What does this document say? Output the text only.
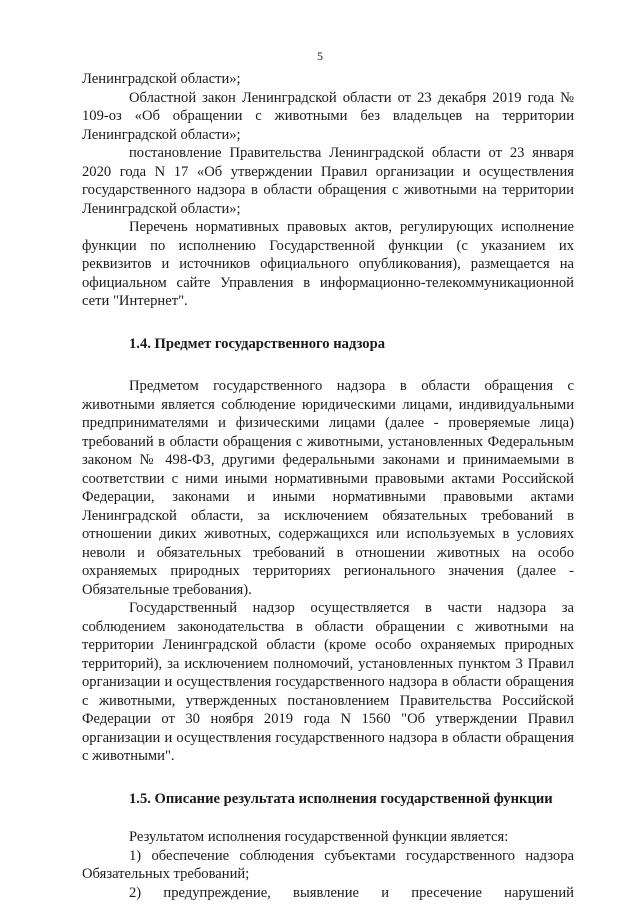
5

Ленинградской области»;

Областной закон Ленинградской области от 23 декабря 2019 года № 109-оз «Об обращении с животными без владельцев на территории Ленинградской области»;

постановление Правительства Ленинградской области от 23 января 2020 года N 17 «Об утверждении Правил организации и осуществления государственного надзора в области обращения с животными на территории Ленинградской области»;

Перечень нормативных правовых актов, регулирующих исполнение функции по исполнению Государственной функции (с указанием их реквизитов и источников официального опубликования), размещается на официальном сайте Управления в информационно-телекоммуникационной сети "Интернет".

1.4. Предмет государственного надзора

Предметом государственного надзора в области обращения с животными является соблюдение юридическими лицами, индивидуальными предпринимателями и физическими лицами (далее - проверяемые лица) требований в области обращения с животными, установленных Федеральным законом № 498-ФЗ, другими федеральными законами и принимаемыми в соответствии с ними иными нормативными правовыми актами Российской Федерации, законами и иными нормативными правовыми актами Ленинградской области, за исключением обязательных требований в отношении диких животных, содержащихся или используемых в условиях неволи и обязательных требований в отношении животных на особо охраняемых природных территориях регионального значения (далее - Обязательные требования).

Государственный надзор осуществляется в части надзора за соблюдением законодательства в области обращении с животными на территории Ленинградской области (кроме особо охраняемых природных территорий), за исключением полномочий, установленных пунктом 3 Правил организации и осуществления государственного надзора в области обращения с животными, утвержденных постановлением Правительства Российской Федерации от 30 ноября 2019 года N 1560 "Об утверждении Правил организации и осуществления государственного надзора в области обращения с животными".

1.5. Описание результата исполнения государственной функции

Результатом исполнения государственной функции является:

1) обеспечение соблюдения субъектами государственного надзора Обязательных требований;

2) предупреждение, выявление и пресечение нарушений
